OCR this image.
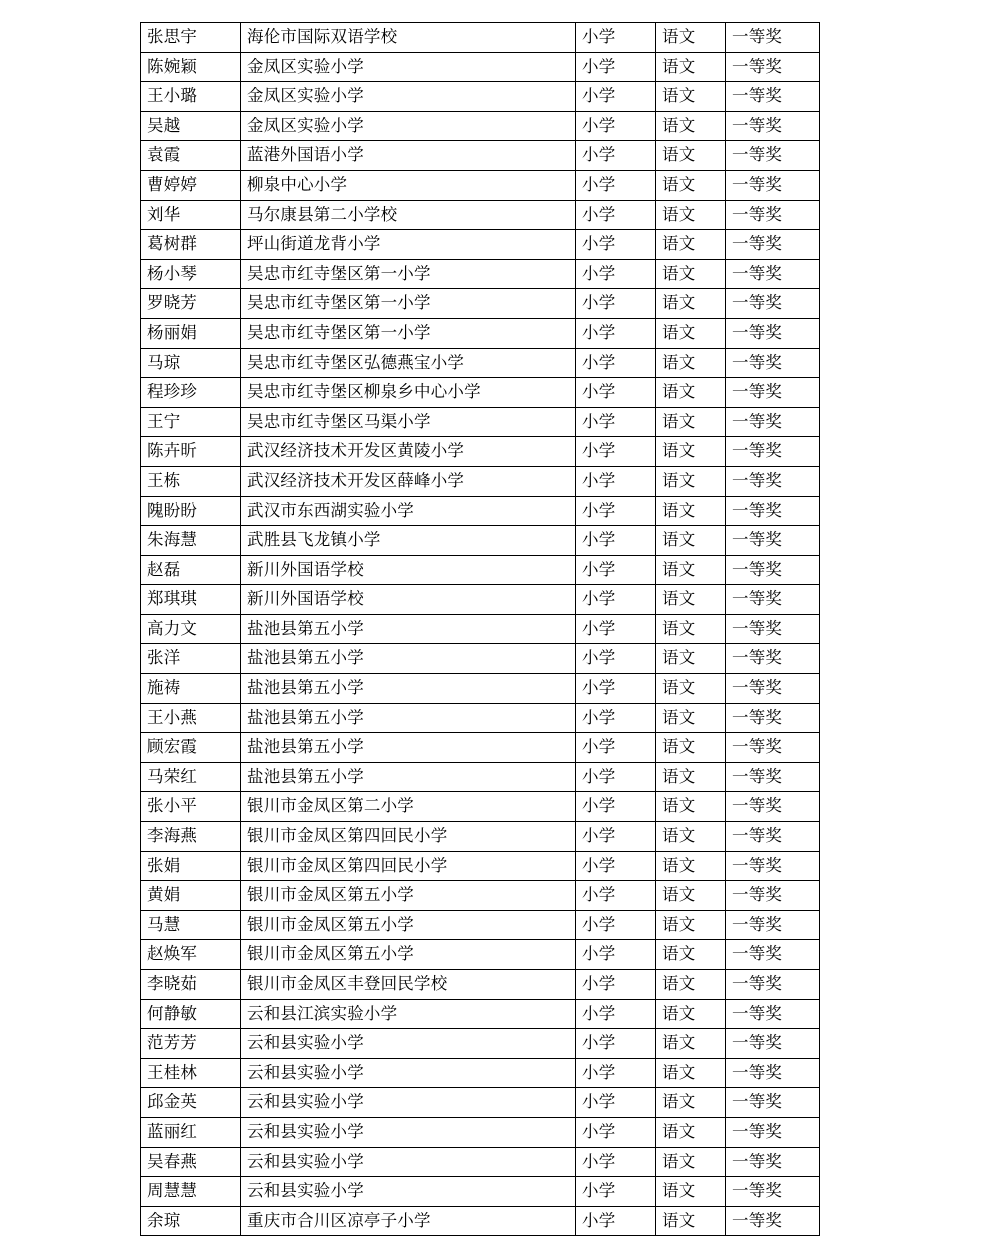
张思宇	海伦市国际双语学校	小学	语文	一等奖
陈婉颖	金凤区实验小学	小学	语文	一等奖
王小璐	金凤区实验小学	小学	语文	一等奖
吴越	金凤区实验小学	小学	语文	一等奖
袁霞	蓝港外国语小学	小学	语文	一等奖
曹婷婷	柳泉中心小学	小学	语文	一等奖
刘华	马尔康县第二小学校	小学	语文	一等奖
葛树群	坪山街道龙背小学	小学	语文	一等奖
杨小琴	吴忠市红寺堡区第一小学	小学	语文	一等奖
罗晓芳	吴忠市红寺堡区第一小学	小学	语文	一等奖
杨丽娟	吴忠市红寺堡区第一小学	小学	语文	一等奖
马琼	吴忠市红寺堡区弘德燕宝小学	小学	语文	一等奖
程珍珍	吴忠市红寺堡区柳泉乡中心小学	小学	语文	一等奖
王宁	吴忠市红寺堡区马渠小学	小学	语文	一等奖
陈卉昕	武汉经济技术开发区黄陵小学	小学	语文	一等奖
王栋	武汉经济技术开发区薛峰小学	小学	语文	一等奖
隗盼盼	武汉市东西湖实验小学	小学	语文	一等奖
朱海慧	武胜县飞龙镇小学	小学	语文	一等奖
赵磊	新川外国语学校	小学	语文	一等奖
郑琪琪	新川外国语学校	小学	语文	一等奖
高力文	盐池县第五小学	小学	语文	一等奖
张洋	盐池县第五小学	小学	语文	一等奖
施祷	盐池县第五小学	小学	语文	一等奖
王小燕	盐池县第五小学	小学	语文	一等奖
顾宏霞	盐池县第五小学	小学	语文	一等奖
马荣红	盐池县第五小学	小学	语文	一等奖
张小平	银川市金凤区第二小学	小学	语文	一等奖
李海燕	银川市金凤区第四回民小学	小学	语文	一等奖
张娟	银川市金凤区第四回民小学	小学	语文	一等奖
黄娟	银川市金凤区第五小学	小学	语文	一等奖
马慧	银川市金凤区第五小学	小学	语文	一等奖
赵焕军	银川市金凤区第五小学	小学	语文	一等奖
李晓茹	银川市金凤区丰登回民学校	小学	语文	一等奖
何静敏	云和县江滨实验小学	小学	语文	一等奖
范芳芳	云和县实验小学	小学	语文	一等奖
王桂林	云和县实验小学	小学	语文	一等奖
邱金英	云和县实验小学	小学	语文	一等奖
蓝丽红	云和县实验小学	小学	语文	一等奖
吴春燕	云和县实验小学	小学	语文	一等奖
周慧慧	云和县实验小学	小学	语文	一等奖
余琼	重庆市合川区凉亭子小学	小学	语文	一等奖
